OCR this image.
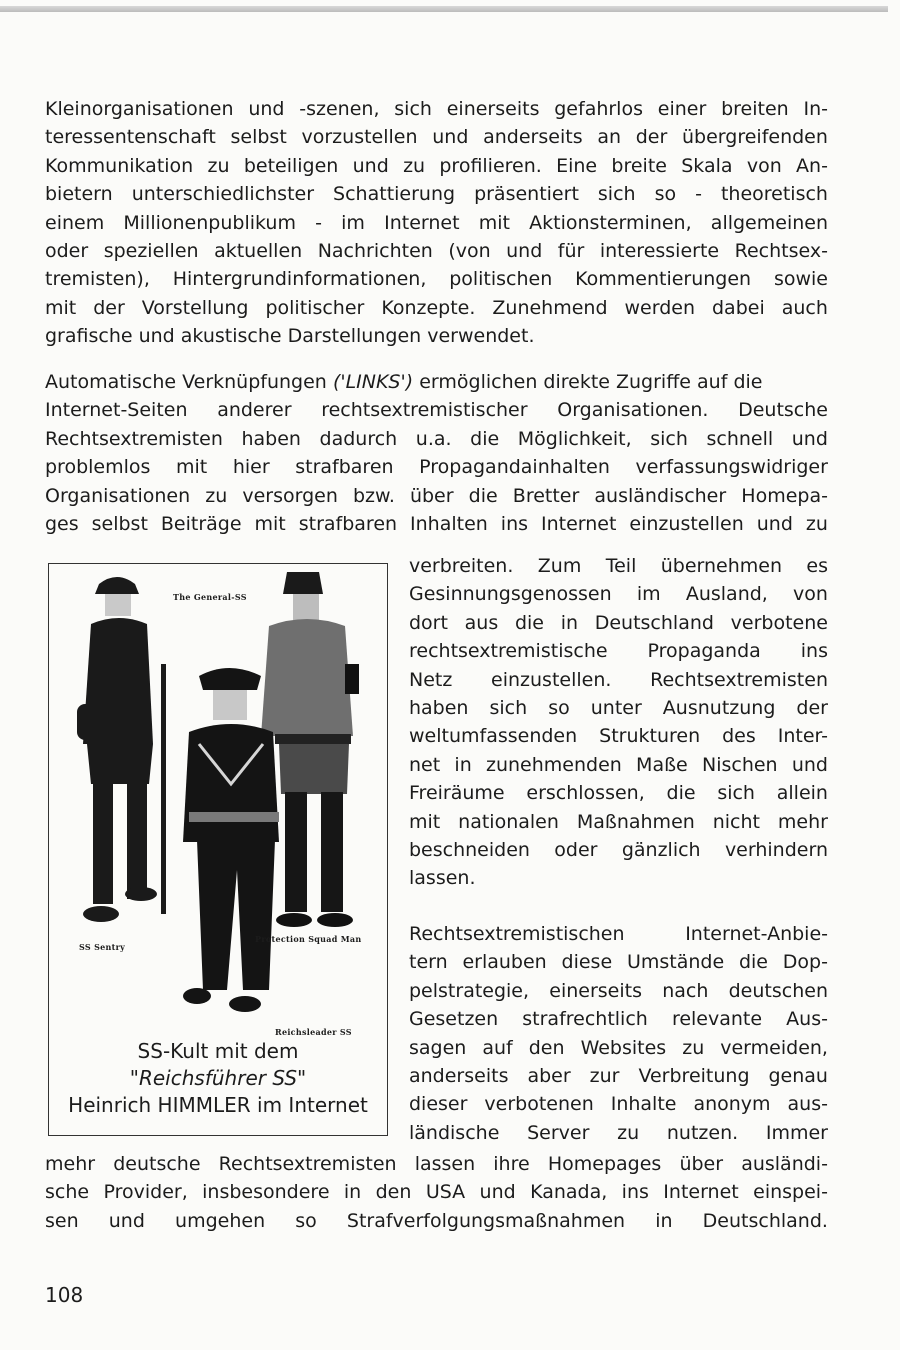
Kleinorganisationen und -szenen, sich einerseits gefahrlos einer breiten In-
teressentenschaft selbst vorzustellen und anderseits an der übergreifenden
Kommunikation zu beteiligen und zu profilieren. Eine breite Skala von An-
bietern unterschiedlichster Schattierung präsentiert sich so - theoretisch
einem Millionenpublikum - im Internet mit Aktionsterminen, allgemeinen
oder speziellen aktuellen Nachrichten (von und für interessierte Rechtsex-
tremisten), Hintergrundinformationen, politischen Kommentierungen sowie
mit der Vorstellung politischer Konzepte. Zunehmend werden dabei auch
grafische und akustische Darstellungen verwendet.
Automatische Verknüpfungen ('LINKS') ermöglichen direkte Zugriffe auf die
Internet-Seiten anderer rechtsextremistischer Organisationen. Deutsche
Rechtsextremisten haben dadurch u.a. die Möglichkeit, sich schnell und
problemlos mit hier strafbaren Propagandainhalten verfassungswidriger
Organisationen zu versorgen bzw. über die Bretter ausländischer Homepa-
ges selbst Beiträge mit strafbaren Inhalten ins Internet einzustellen und zu
The General-SS
SS Sentry
Protection Squad Man
Reichsleader SS
SS-Kult mit dem
"Reichsführer SS"
Heinrich HIMMLER im Internet
verbreiten. Zum Teil übernehmen es
Gesinnungsgenossen im Ausland, von
dort aus die in Deutschland verbotene
rechtsextremistische Propaganda ins
Netz einzustellen. Rechtsextremisten
haben sich so unter Ausnutzung der
weltumfassenden Strukturen des Inter-
net in zunehmenden Maße Nischen und
Freiräume erschlossen, die sich allein
mit nationalen Maßnahmen nicht mehr
beschneiden oder gänzlich verhindern
lassen.
Rechtsextremistischen	Internet-Anbie-
tern erlauben diese Umstände die Dop-
pelstrategie, einerseits nach deutschen
Gesetzen strafrechtlich relevante Aus-
sagen auf den Websites zu vermeiden,
anderseits aber zur Verbreitung genau
dieser verbotenen Inhalte anonym aus-
ländische Server zu nutzen. Immer
mehr deutsche Rechtsextremisten lassen ihre Homepages über ausländi-
sche Provider, insbesondere in den USA und Kanada, ins Internet einspei-
sen und umgehen so Strafverfolgungsmaßnahmen in Deutschland.
108
